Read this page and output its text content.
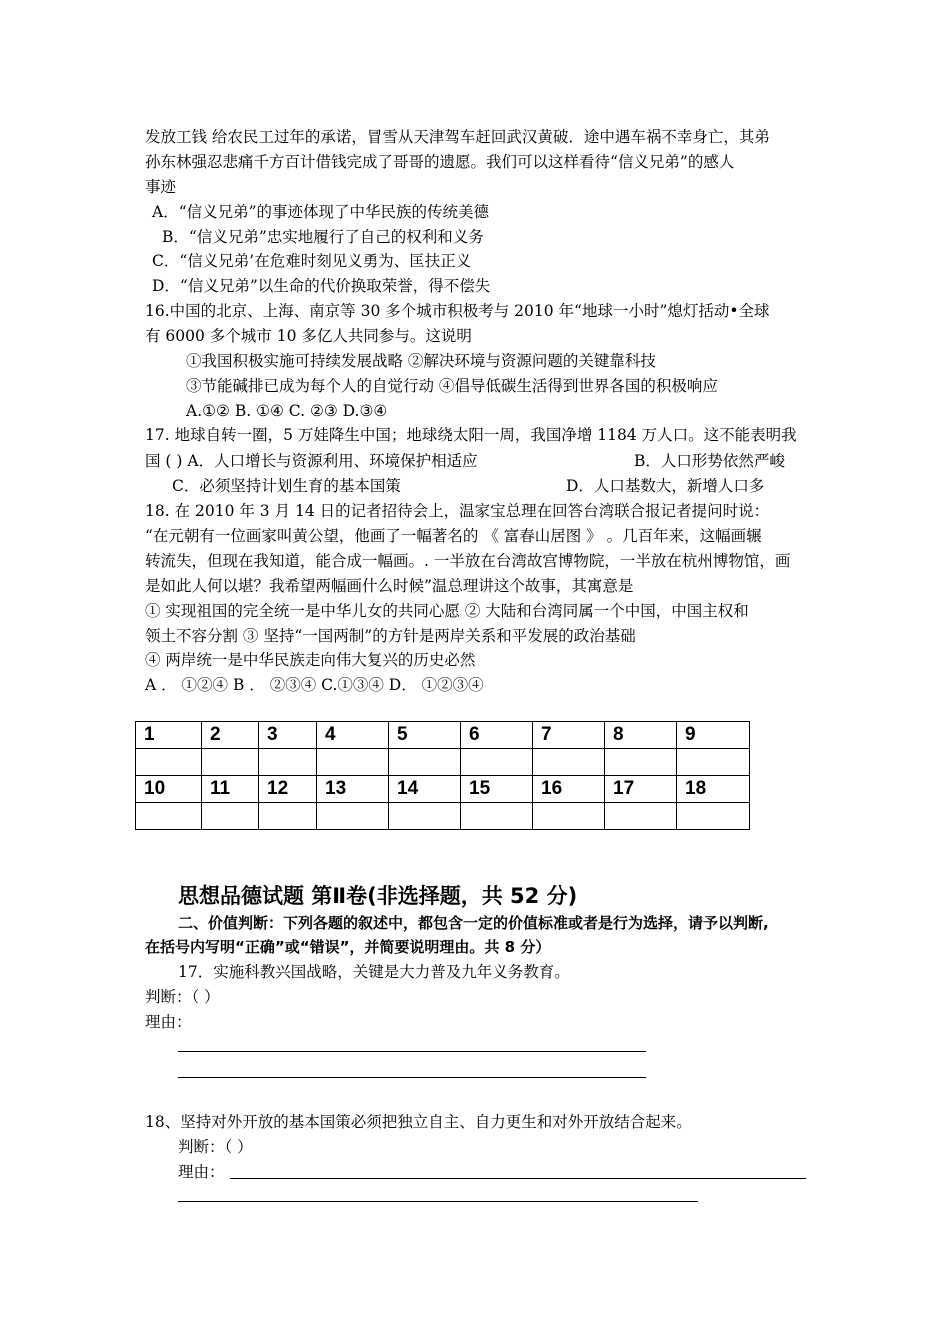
发放工钱 给农民工过年的承诺，冒雪从天津驾车赶回武汉黄破．途中遇车祸不幸身亡，其弟
孙东林强忍悲痛千方百计借钱完成了哥哥的遗愿。我们可以这样看待“信义兄弟”的感人
事迹
A．“信义兄弟”的事迹体现了中华民族的传统美德
B．“信义兄弟”忠实地履行了自己的权利和义务
C．“信义兄弟’在危难时刻见义勇为、匡扶正义
D．“信义兄弟”以生命的代价换取荣誉，得不偿失
16.中国的北京、上海、南京等 30 多个城市积极考与 2010 年“地球一小时”熄灯括动•全球
有 6000 多个城市 10 多亿人共同参与。这说明
①我国积极实施可持续发展战略 ②解决环境与资源问题的关键靠科技
③节能碱排已成为每个人的自觉行动 ④倡导低碳生活得到世界各国的积极响应
A.①② B. ①④ C. ②③ D.③④
17. 地球自转一圈，5 万娃降生中国；地球绕太阳一周，我国净增 1184 万人口。这不能表明我
国 ( ) A．人口增长与资源利用、环境保护相适应	B．人口形势依然严峻
C．必须坚持计划生育的基本国策	D．人口基数大，新增人口多
18. 在 2010 年 3 月 14 日的记者招待会上，温家宝总理在回答台湾联合报记者提问时说：
“在元朝有一位画家叫黄公望，他画了一幅著名的 《 富春山居图 》 。几百年来，这幅画辗
转流失，但现在我知道，能合成一幅画。. 一半放在台湾故宫博物院，一半放在杭州博物馆，画
是如此人何以堪？我希望两幅画什么时候”温总理讲这个故事，其寓意是
① 实现祖国的完全统一是中华儿女的共同心愿 ② 大陆和台湾同属一个中国，中国主权和
领土不容分割 ③ 坚持“一国两制”的方针是两岸关系和平发展的政治基础
④ 两岸统一是中华民族走向伟大复兴的历史必然
A ． ①②④ B ． ②③④ C.①③④ D． ①②③④
1	2	3	4	5	6	7	8	9

10	11	12	13	14	15	16	17	18

思想品德试题 第Ⅱ卷(非选择题，共 52 分)
二、价值判断：下列各题的叙述中，都包含一定的价值标准或者是行为选择，请予以判断,
在括号内写明“正确”或“错误”，并简要说明理由。共 8 分）
17．实施科教兴国战略，关键是大力普及九年义务教育。
判断：（ ）
理由：
18、坚持对外开放的基本国策必须把独立自主、自力更生和对外开放结合起来。
判断：（ ）
理由：
